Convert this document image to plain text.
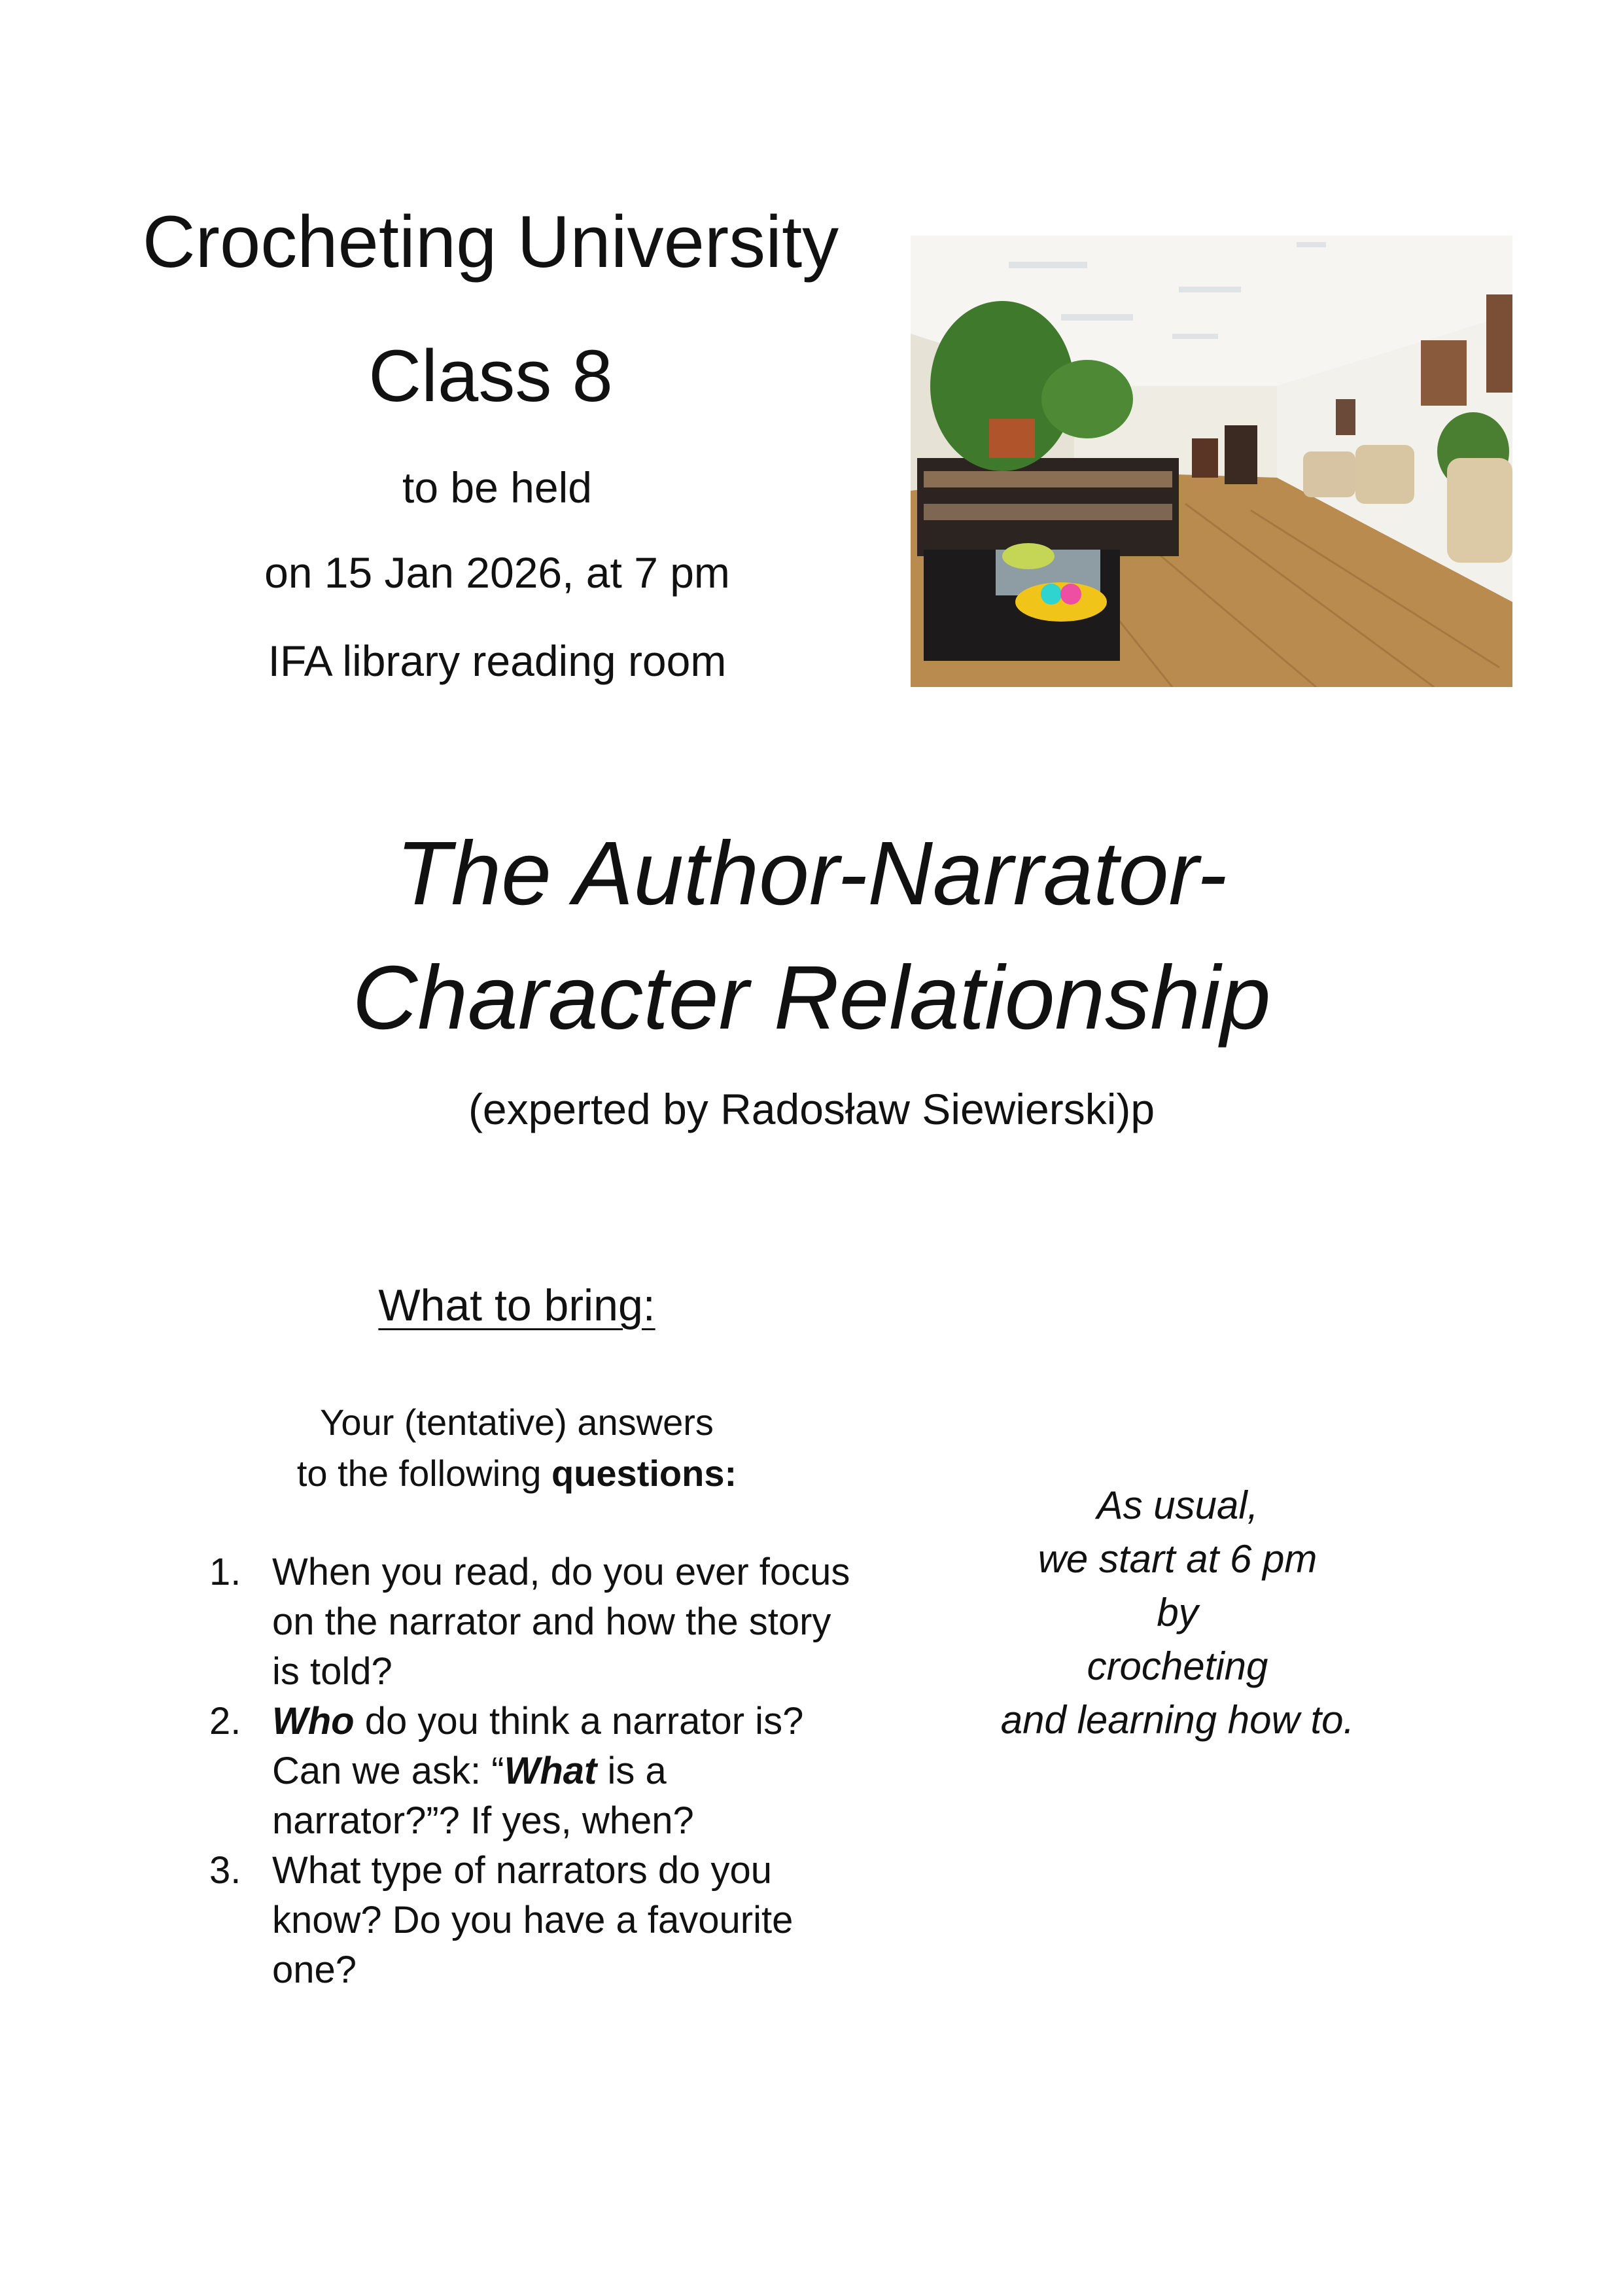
Crocheting University
Class 8
to be held
on 15 Jan 2026, at 7 pm
IFA library reading room
The Author-Narrator-
Character Relationship
(experted by Radosław Siewierski)p
What to bring:
Your (tentative) answers
to the following questions:
1. When you read, do you ever focus on the narrator and how the story is told?
2. Who do you think a narrator is? Can we ask: “What is a narrator?”? If yes, when?
3. What type of narrators do you know? Do you have a favourite one?
As usual,
we start at 6 pm
by
crocheting
and learning how to.
